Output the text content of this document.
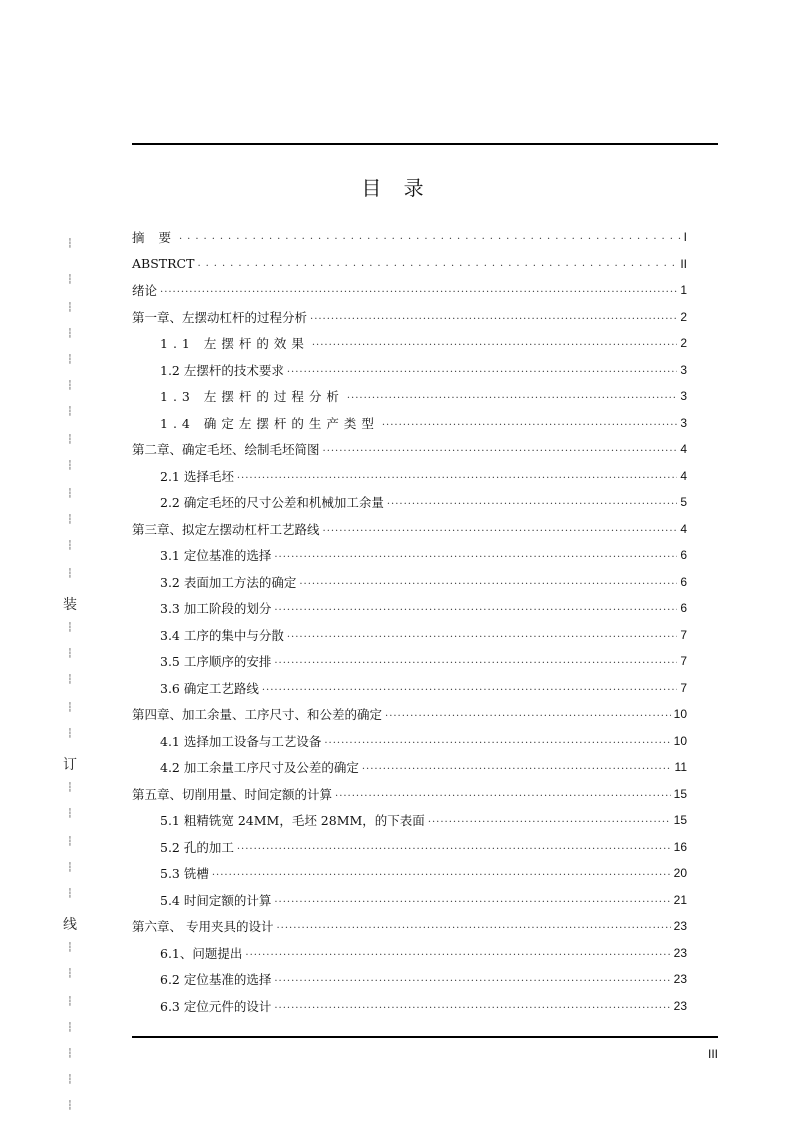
目 录
摘 要 .....	I
ABSTRCT .....	II
绪论 .....	1
第一章、左摆动杠杆的过程分析 .....	2
1.1 左摆杆的效果 .....	2
1.2 左摆杆的技术要求 .....	3
1.3 左摆杆的过程分析 .....	3
1.4 确定左摆杆的生产类型 .....	3
第二章、确定毛坯、绘制毛坯简图 .....	4
2.1 选择毛坯 .....	4
2.2 确定毛坯的尺寸公差和机械加工余量 .....	5
第三章、拟定左摆动杠杆工艺路线 .....	4
3.1 定位基准的选择 .....	6
3.2 表面加工方法的确定 .....	6
3.3 加工阶段的划分 .....	6
3.4 工序的集中与分散 .....	7
3.5 工序顺序的安排 .....	7
3.6 确定工艺路线 .....	7
第四章、加工余量、工序尺寸、和公差的确定 .....	10
4.1 选择加工设备与工艺设备 .....	10
4.2 加工余量工序尺寸及公差的确定 .....	11
第五章、切削用量、时间定额的计算 .....	15
5.1 粗精铣宽 24MM，毛坯 28MM，的下表面 .....	15
5.2 孔的加工 .....	16
5.3 铣槽 .....	20
5.4 时间定额的计算 .....	21
第六章、 专用夹具的设计 .....	23
6.1、问题提出 .....	23
6.2 定位基准的选择 .....	23
6.3 定位元件的设计 .....	23
III
┆
┆
┆
┆
┆
┆
┆
┆
┆
┆
┆
┆
┆
装
┆
┆
┆
┆
┆
订
┆
┆
┆
┆
┆
线
┆
┆
┆
┆
┆
┆
┆
